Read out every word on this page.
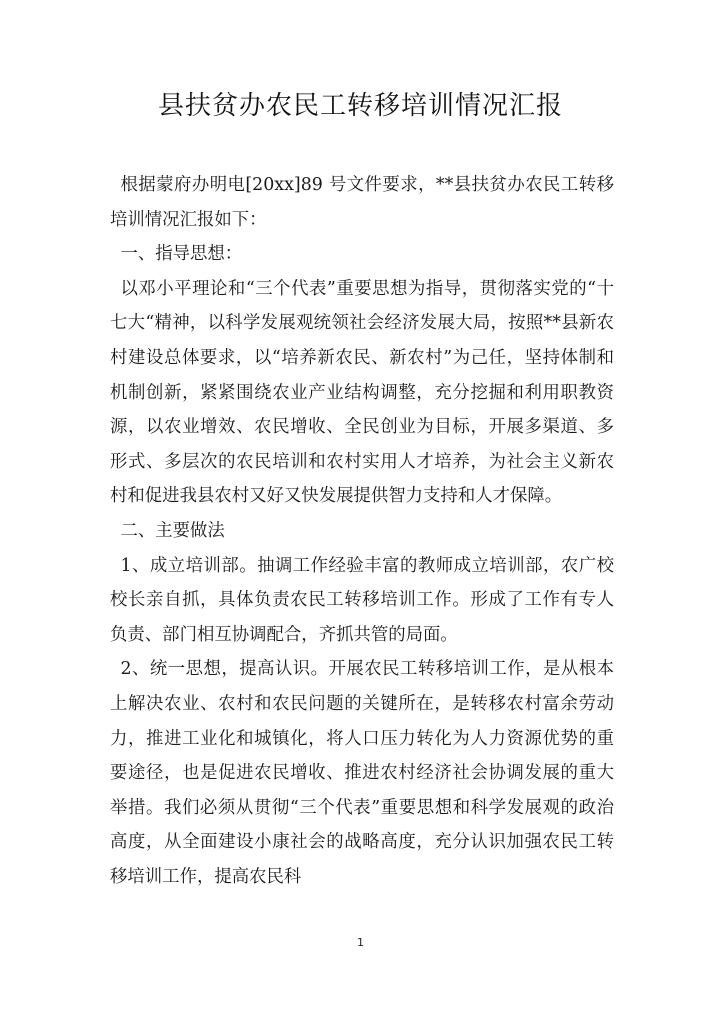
县扶贫办农民工转移培训情况汇报

根据蒙府办明电[20xx]89 号文件要求，**县扶贫办农民工转移培训情况汇报如下：

一、指导思想：

以邓小平理论和“三个代表”重要思想为指导，贯彻落实党的“十七大“精神，以科学发展观统领社会经济发展大局，按照**县新农村建设总体要求，以“培养新农民、新农村”为己任，坚持体制和机制创新，紧紧围绕农业产业结构调整，充分挖掘和利用职教资源，以农业增效、农民增收、全民创业为目标，开展多渠道、多形式、多层次的农民培训和农村实用人才培养，为社会主义新农村和促进我县农村又好又快发展提供智力支持和人才保障。

二、主要做法

1、成立培训部。抽调工作经验丰富的教师成立培训部，农广校校长亲自抓，具体负责农民工转移培训工作。形成了工作有专人负责、部门相互协调配合，齐抓共管的局面。

2、统一思想，提高认识。开展农民工转移培训工作，是从根本上解决农业、农村和农民问题的关键所在，是转移农村富余劳动力，推进工业化和城镇化，将人口压力转化为人力资源优势的重要途径，也是促进农民增收、推进农村经济社会协调发展的重大举措。我们必须从贯彻“三个代表”重要思想和科学发展观的政治高度，从全面建设小康社会的战略高度，充分认识加强农民工转移培训工作，提高农民科

1
